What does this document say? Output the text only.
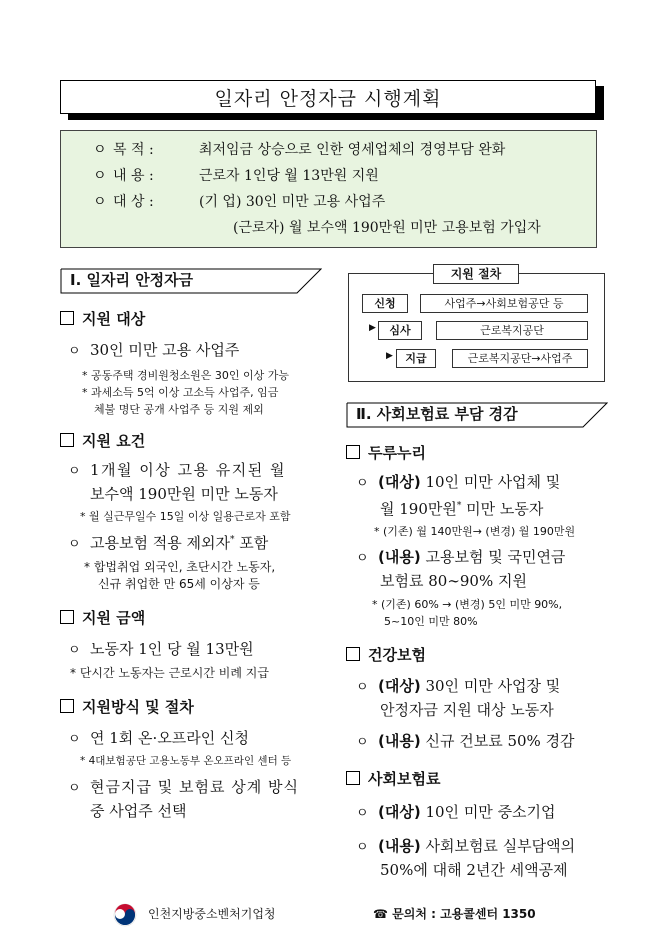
일자리 안정자금 시행계획
ㅇ 목 적 :	최저임금 상승으로 인한 영세업체의 경영부담 완화
ㅇ 내 용 :	근로자 1인당 월 13만원 지원
ㅇ 대 상 :	(기 업) 30인 미만 고용 사업주
(근로자) 월 보수액 190만원 미만 고용보험 가입자
Ⅰ. 일자리 안정자금
지원 대상
ㅇ 30인 미만 고용 사업주
* 공동주택 경비원청소원은 30인 이상 가능
* 과세소득 5억 이상 고소득 사업주, 임금
체불 명단 공개 사업주 등 지원 제외
지원 요건
ㅇ 1개월 이상 고용 유지된 월
보수액 190만원 미만 노동자
* 월 실근무일수 15일 이상 일용근로자 포함
ㅇ 고용보험 적용 제외자* 포함
* 합법취업 외국인, 초단시간 노동자,
신규 취업한 만 65세 이상자 등
지원 금액
ㅇ 노동자 1인 당 월 13만원
* 단시간 노동자는 근로시간 비례 지급
지원방식 및 절차
ㅇ 연 1회 온·오프라인 신청
* 4대보험공단 고용노동부 온오프라인 센터 등
ㅇ 현금지급 및 보험료 상계 방식
중 사업주 선택
지원 절차
신청	사업주→사회보험공단 등
▶	심사	근로복지공단
▶	지급	근로복지공단→사업주
Ⅱ. 사회보험료 부담 경감
두루누리
ㅇ (대상) 10인 미만 사업체 및
월 190만원* 미만 노동자
* (기존) 월 140만원→ (변경) 월 190만원
ㅇ (내용) 고용보험 및 국민연금
보험료 80∼90% 지원
* (기존) 60% → (변경) 5인 미만 90%,
5~10인 미만 80%
건강보험
ㅇ (대상) 30인 미만 사업장 및
안정자금 지원 대상 노동자
ㅇ (내용) 신규 건보료 50% 경감
사회보험료
ㅇ (대상) 10인 미만 중소기업
ㅇ (내용) 사회보험료 실부담액의
50%에 대해 2년간 세액공제
인천지방중소벤처기업청	☎ 문의처 : 고용콜센터 1350
